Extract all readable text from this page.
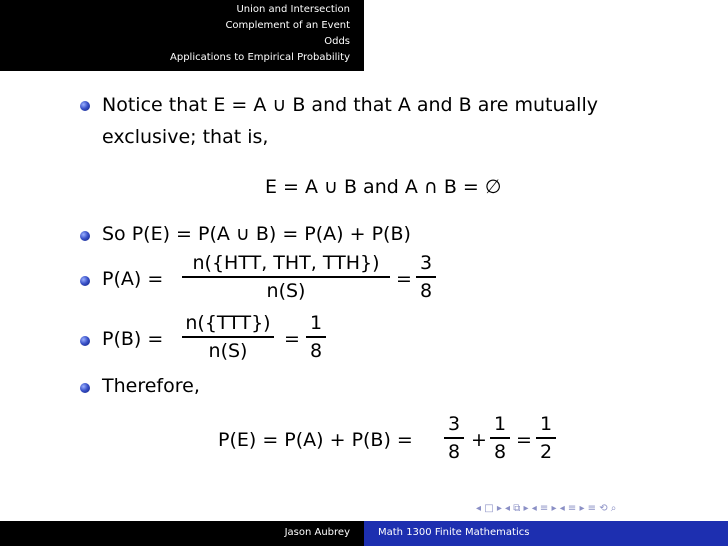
Union and Intersection
Complement of an Event
Odds
Applications to Empirical Probability
Notice that E = A ∪ B and that A and B are mutually
exclusive; that is,
E = A ∪ B and A ∩ B = ∅
So P(E) = P(A ∪ B) = P(A) + P(B)
P(A) =
n({HTT, THT, TTH})
n(S)
=
3
8
P(B) =
n({TTT})
n(S)
=
1
8
Therefore,
P(E) = P(A) + P(B) =
3
8
+
1
8
=
1
2
◂ □ ▸ ◂ ⧉ ▸ ◂ ≡ ▸ ◂ ≡ ▸ ≡ ⟲ ⌕
Jason Aubrey	Math 1300 Finite Mathematics
